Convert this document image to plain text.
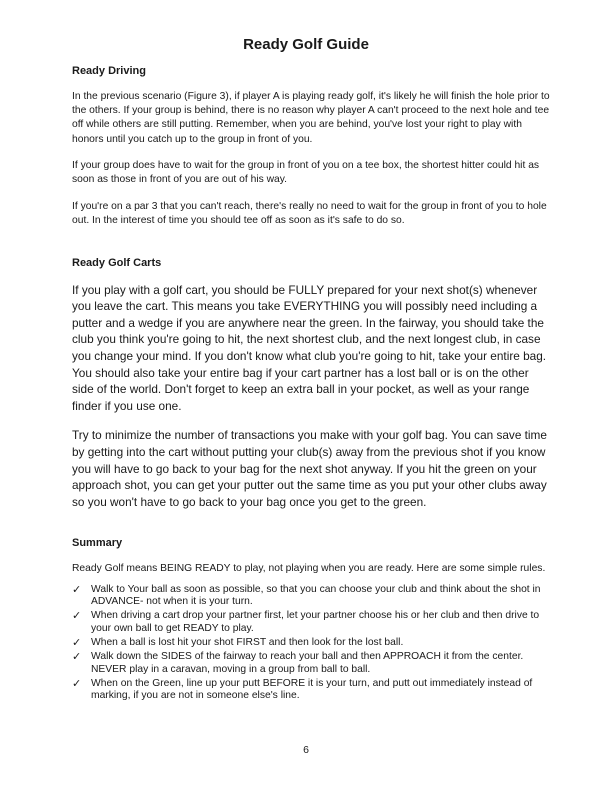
Ready Golf Guide
Ready Driving

In the previous scenario (Figure 3), if player A is playing ready golf, it's likely he will finish the hole prior to the others. If your group is behind, there is no reason why player A can't proceed to the next hole and tee off while others are still putting. Remember, when you are behind, you've lost your right to play with honors until you catch up to the group in front of you.

If your group does have to wait for the group in front of you on a tee box, the shortest hitter could hit as soon as those in front of you are out of his way.

If you're on a par 3 that you can't reach, there's really no need to wait for the group in front of you to hole out. In the interest of time you should tee off as soon as it's safe to do so.

Ready Golf Carts

If you play with a golf cart, you should be FULLY prepared for your next shot(s) whenever you leave the cart. This means you take EVERYTHING you will possibly need including a putter and a wedge if you are anywhere near the green. In the fairway, you should take the club you think you're going to hit, the next shortest club, and the next longest club, in case you change your mind. If you don't know what club you're going to hit, take your entire bag. You should also take your entire bag if your cart partner has a lost ball or is on the other side of the world. Don't forget to keep an extra ball in your pocket, as well as your range finder if you use one.

Try to minimize the number of transactions you make with your golf bag. You can save time by getting into the cart without putting your club(s) away from the previous shot if you know you will have to go back to your bag for the next shot anyway. If you hit the green on your approach shot, you can get your putter out the same time as you put your other clubs away so you won't have to go back to your bag once you get to the green.

Summary

Ready Golf means BEING READY to play, not playing when you are ready. Here are some simple rules.

✓ Walk to Your ball as soon as possible, so that you can choose your club and think about the shot in ADVANCE- not when it is your turn.
✓ When driving a cart drop your partner first, let your partner choose his or her club and then drive to your own ball to get READY to play.
✓ When a ball is lost hit your shot FIRST and then look for the lost ball.
✓ Walk down the SIDES of the fairway to reach your ball and then APPROACH it from the center. NEVER play in a caravan, moving in a group from ball to ball.
✓ When on the Green, line up your putt BEFORE it is your turn, and putt out immediately instead of marking, if you are not in someone else's line.
6
